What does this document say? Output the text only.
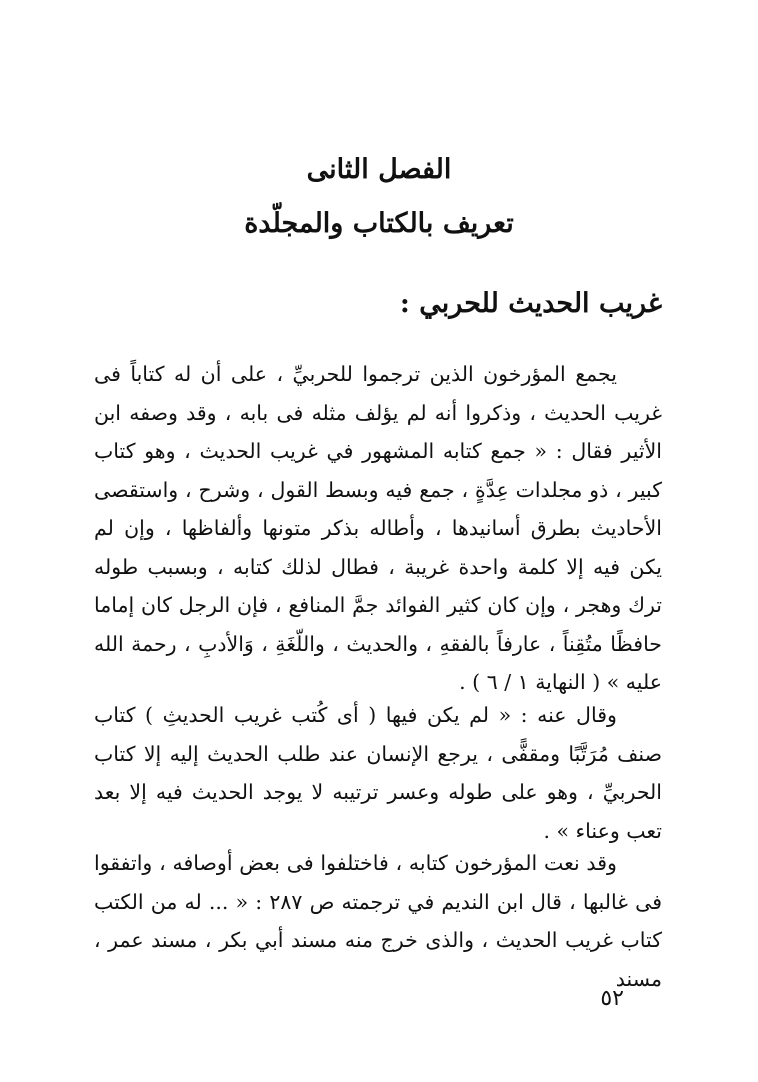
الفصل الثانى
تعريف بالكتاب والمجلّدة
غريب الحديث للحربي :

يجمع المؤرخون الذين ترجموا للحربيِّ ، على أن له كتاباً فى غريب الحديث ، وذكروا أنه لم يؤلف مثله فى بابه ، وقد وصفه ابن الأثير فقال : « جمع كتابه المشهور في غريب الحديث ، وهو كتاب كبير ، ذو مجلدات عِدَّةٍ ، جمع فيه وبسط القول ، وشرح ، واستقصى الأحاديث بطرق أسانيدها ، وأطاله بذكر متونها وألفاظها ، وإن لم يكن فيه إلا كلمة واحدة غريبة ، فطال لذلك كتابه ، وبسبب طوله ترك وهجر ، وإن كان كثير الفوائد جمَّ المنافع ، فإن الرجل كان إماما حافظًا متُقِناً ، عارفاً بالفقهِ ، والحديث ، واللّغَةِ ، وَالأدبِ ، رحمة الله عليه » ( النهاية ١ / ٦ ) .

وقال عنه : « لم يكن فيها ( أى كُتب غريب الحديثِ ) كتاب صنف مُرَتَّبًا ومقفًّى ، يرجع الإنسان عند طلب الحديث إليه إلا كتاب الحربيِّ ، وهو على طوله وعسر ترتيبه لا يوجد الحديث فيه إلا بعد تعب وعناء » .

وقد نعت المؤرخون كتابه ، فاختلفوا فى بعض أوصافه ، واتفقوا فى غالبها ، قال ابن النديم في ترجمته ص ٢٨٧ : « ... له من الكتب كتاب غريب الحديث ، والذى خرج منه مسند أبي بكر ، مسند عمر ، مسند

٥٢
